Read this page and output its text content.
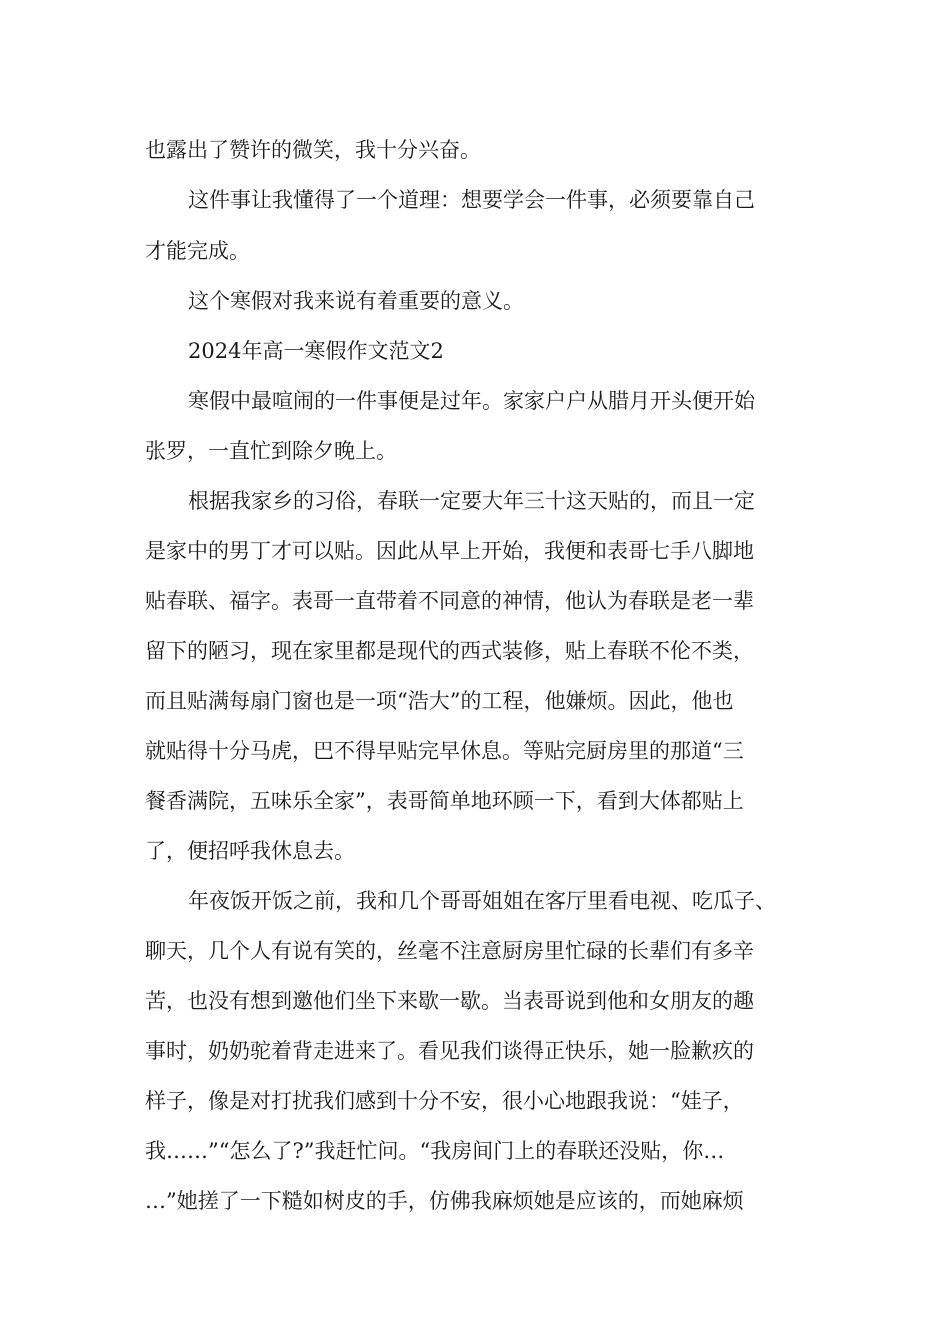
也露出了赞许的微笑，我十分兴奋。
这件事让我懂得了一个道理：想要学会一件事，必须要靠自己
才能完成。
这个寒假对我来说有着重要的意义。
2024年高一寒假作文范文2
寒假中最喧闹的一件事便是过年。家家户户从腊月开头便开始
张罗，一直忙到除夕晚上。
根据我家乡的习俗，春联一定要大年三十这天贴的，而且一定
是家中的男丁才可以贴。因此从早上开始，我便和表哥七手八脚地
贴春联、福字。表哥一直带着不同意的神情，他认为春联是老一辈
留下的陋习，现在家里都是现代的西式装修，贴上春联不伦不类，
而且贴满每扇门窗也是一项“浩大”的工程，他嫌烦。因此，他也
就贴得十分马虎，巴不得早贴完早休息。等贴完厨房里的那道“三
餐香满院，五味乐全家”，表哥简单地环顾一下，看到大体都贴上
了，便招呼我休息去。
年夜饭开饭之前，我和几个哥哥姐姐在客厅里看电视、吃瓜子、
聊天，几个人有说有笑的，丝毫不注意厨房里忙碌的长辈们有多辛
苦，也没有想到邀他们坐下来歇一歇。当表哥说到他和女朋友的趣
事时，奶奶驼着背走进来了。看见我们谈得正快乐，她一脸歉疚的
样子，像是对打扰我们感到十分不安，很小心地跟我说：“娃子，
我……”“怎么了?”我赶忙问。“我房间门上的春联还没贴，你…
…”她搓了一下糙如树皮的手，仿佛我麻烦她是应该的，而她麻烦
